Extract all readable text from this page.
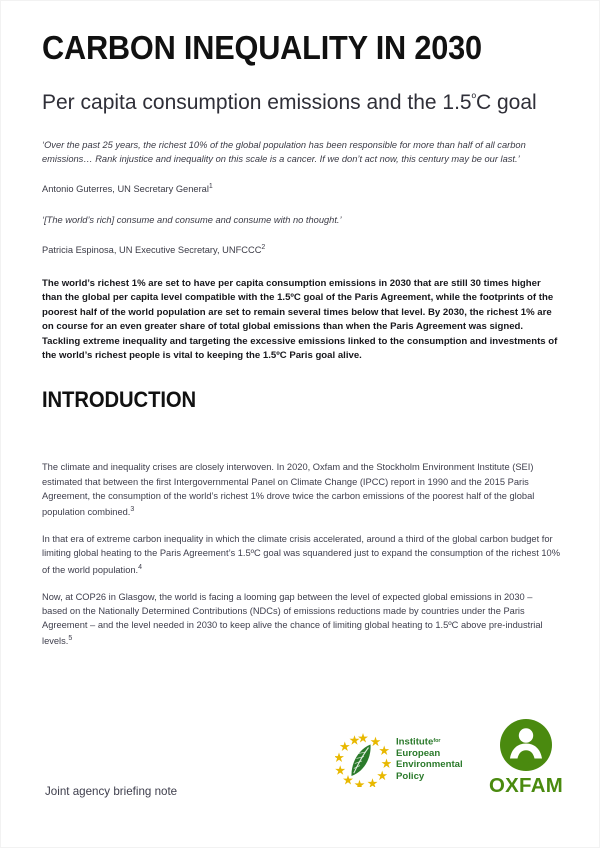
CARBON INEQUALITY IN 2030
Per capita consumption emissions and the $1.5^ºC$ goal

‘Over the past 25 years, the richest 10% of the global population has been responsible for more than half of all carbon emissions… Rank injustice and inequality on this scale is a cancer. If we don’t act now, this century may be our last.’

Antonio Guterres, UN Secretary General$^1$

‘[The world’s rich] consume and consume and consume with no thought.’

Patricia Espinosa, UN Executive Secretary, UNFCCC$^2$

The world’s richest 1% are set to have per capita consumption emissions in 2030 that are still 30 times higher than the global per capita level compatible with the 1.5ºC goal of the Paris Agreement, while the footprints of the poorest half of the world population are set to remain several times below that level. By 2030, the richest 1% are on course for an even greater share of total global emissions than when the Paris Agreement was signed. Tackling extreme inequality and targeting the excessive emissions linked to the consumption and investments of the world’s richest people is vital to keeping the 1.5ºC Paris goal alive.

INTRODUCTION

The climate and inequality crises are closely interwoven. In 2020, Oxfam and the Stockholm Environment Institute (SEI) estimated that between the first Intergovernmental Panel on Climate Change (IPCC) report in 1990 and the 2015 Paris Agreement, the consumption of the world’s richest 1% drove twice the carbon emissions of the poorest half of the global population combined.$^3$

In that era of extreme carbon inequality in which the climate crisis accelerated, around a third of the global carbon budget for limiting global heating to the Paris Agreement’s 1.5ºC goal was squandered just to expand the consumption of the richest 10% of the world population.$^4$

Now, at COP26 in Glasgow, the world is facing a looming gap between the level of expected global emissions in 2030 – based on the Nationally Determined Contributions (NDCs) of emissions reductions made by countries under the Paris Agreement – and the level needed in 2030 to keep alive the chance of limiting global heating to 1.5ºC above pre-industrial levels.$^5$

Joint agency briefing note
Institute$^{for}$
European
Environmental
Policy	OXFAM
